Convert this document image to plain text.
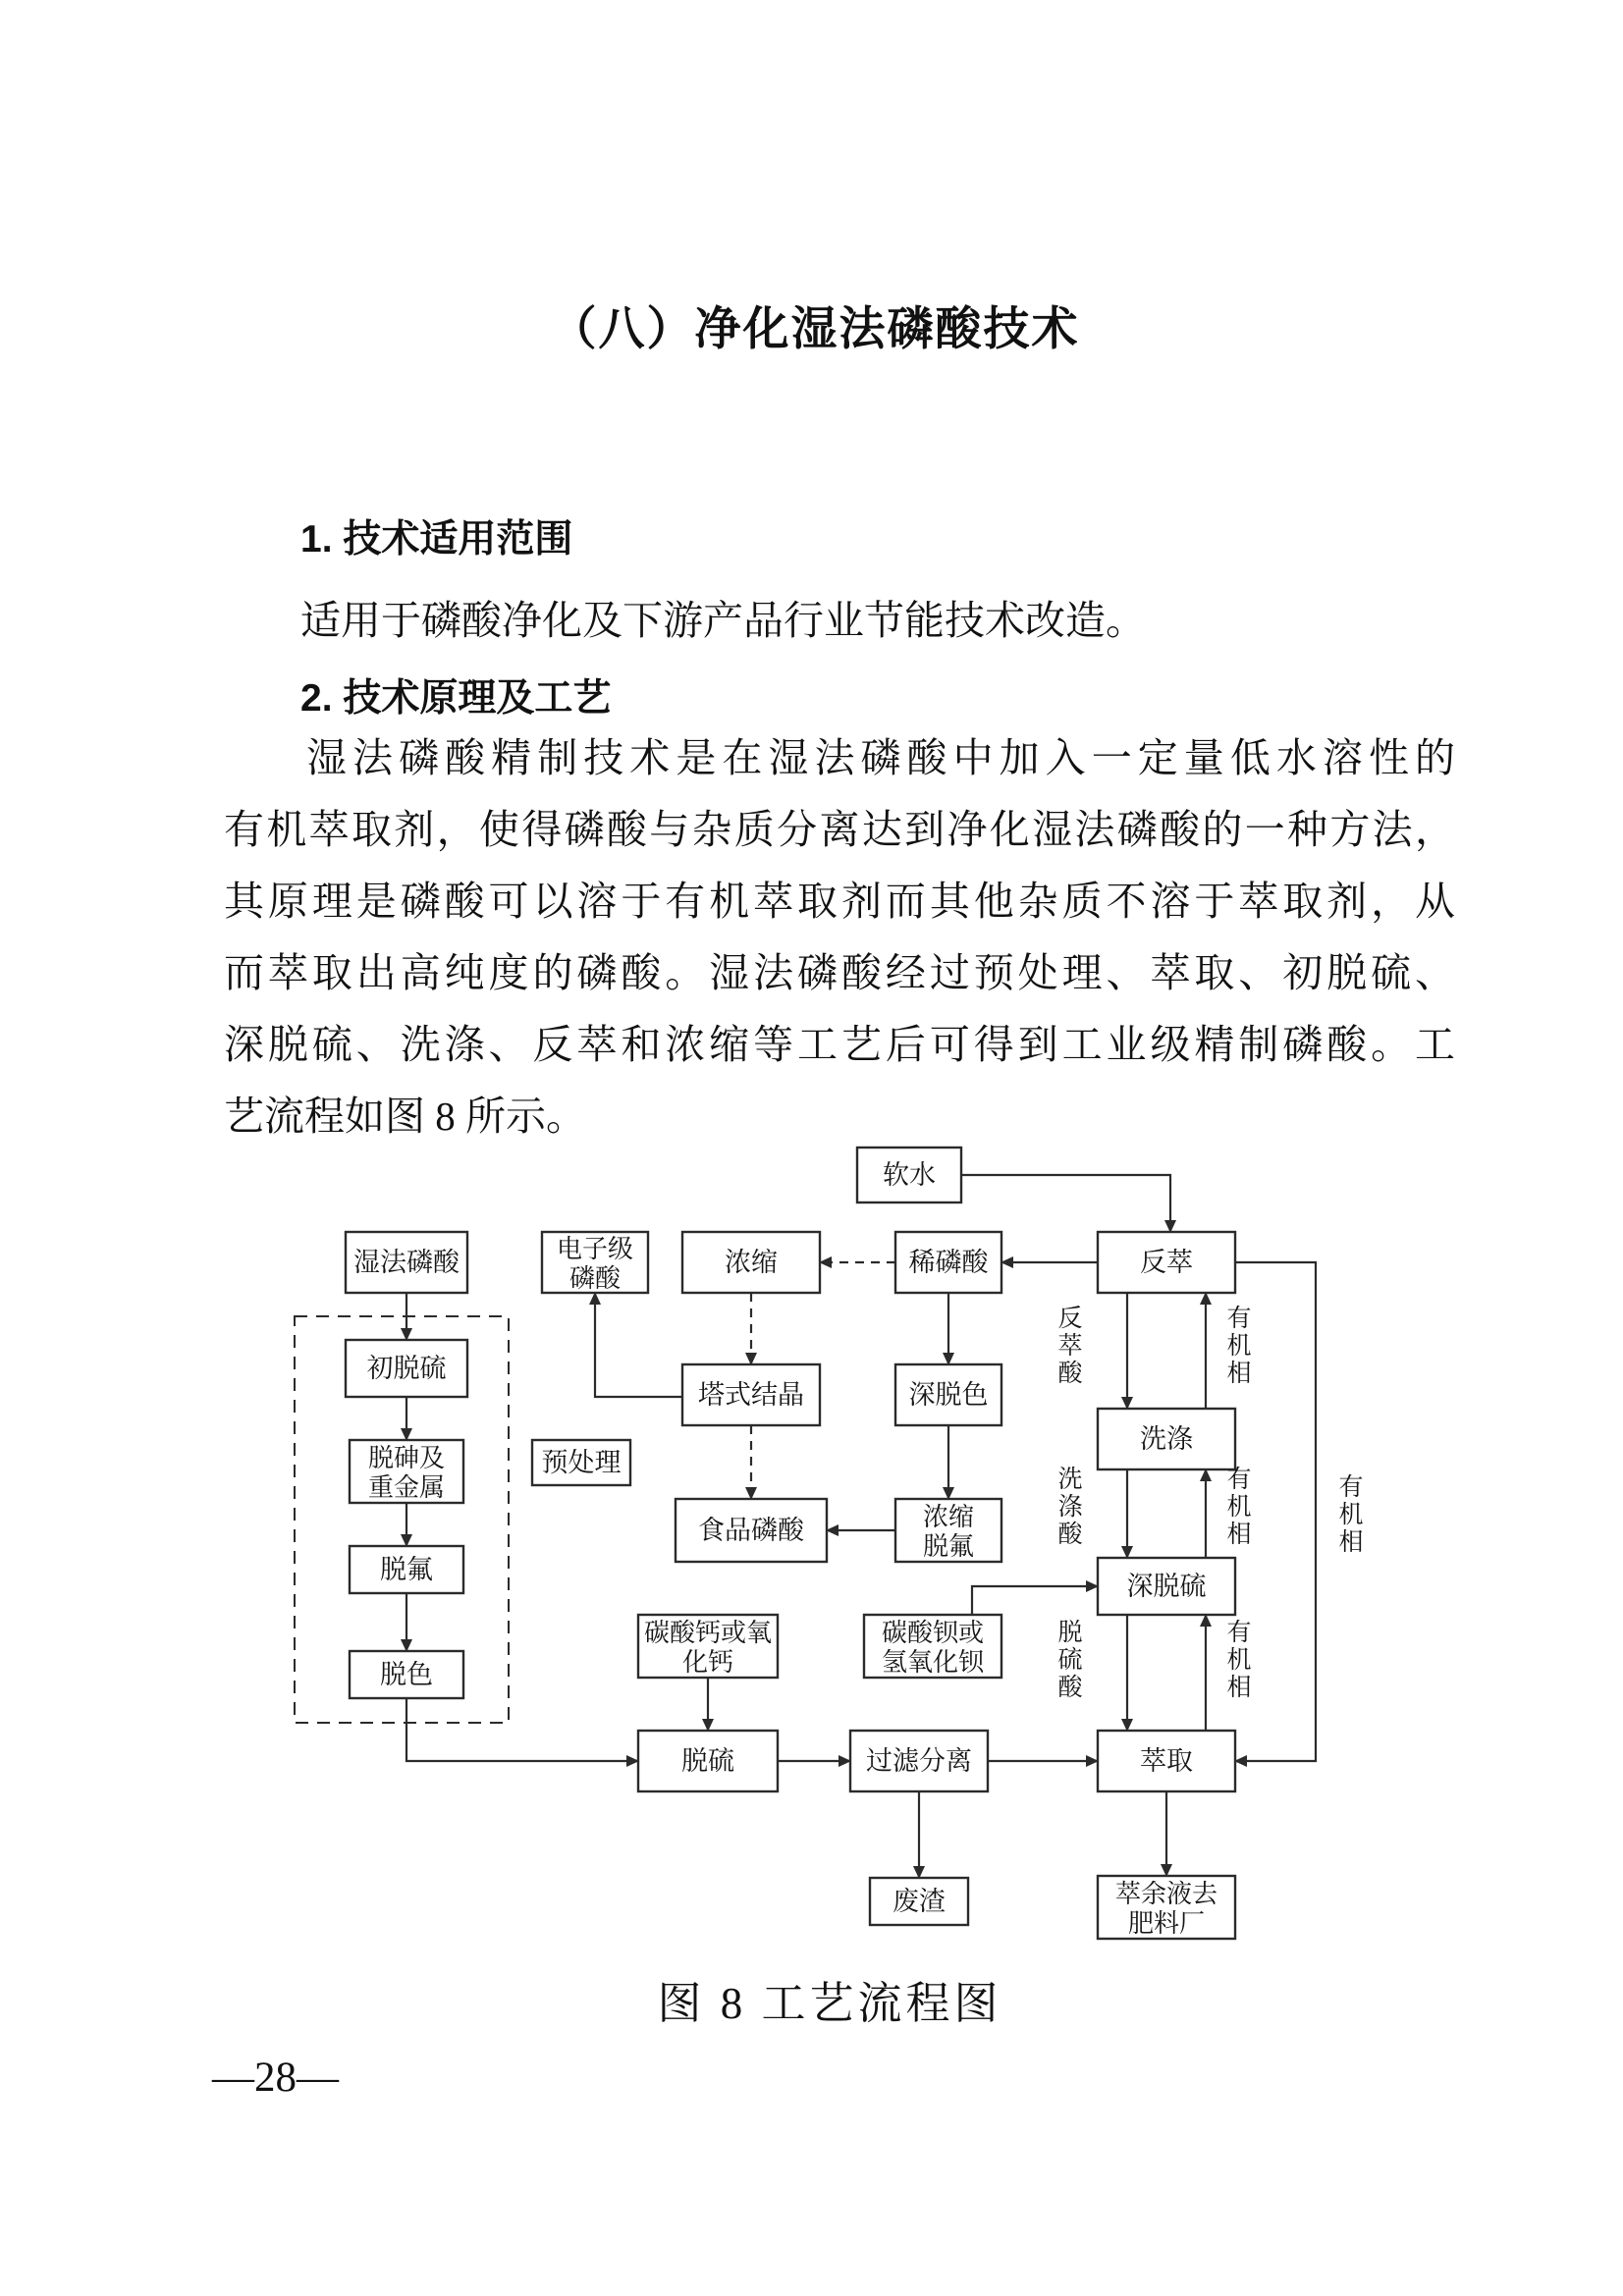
（八）净化湿法磷酸技术
1. 技术适用范围
适用于磷酸净化及下游产品行业节能技术改造。
2. 技术原理及工艺
湿法磷酸精制技术是在湿法磷酸中加入一定量低水溶性的
有机萃取剂，使得磷酸与杂质分离达到净化湿法磷酸的一种方法，
其原理是磷酸可以溶于有机萃取剂而其他杂质不溶于萃取剂，从
而萃取出高纯度的磷酸。湿法磷酸经过预处理、萃取、初脱硫、
深脱硫、洗涤、反萃和浓缩等工艺后可得到工业级精制磷酸。工
艺流程如图 8 所示。
软水
湿法磷酸	电子级磷酸
浓缩	稀磷酸	反萃
初脱硫
塔式结晶	深脱色
洗涤
脱砷及重金属
预处理
食品磷酸	浓缩脱氟
脱氟
深脱硫
碳酸钙或氧化钙
碳酸钡或氢氧化钡
脱色
脱硫	过滤分离	萃取
废渣	萃余液去肥料厂
反萃酸
有机相
洗涤酸
有机相
脱硫酸
有机相
有机相
图 8 工艺流程图
—28—
